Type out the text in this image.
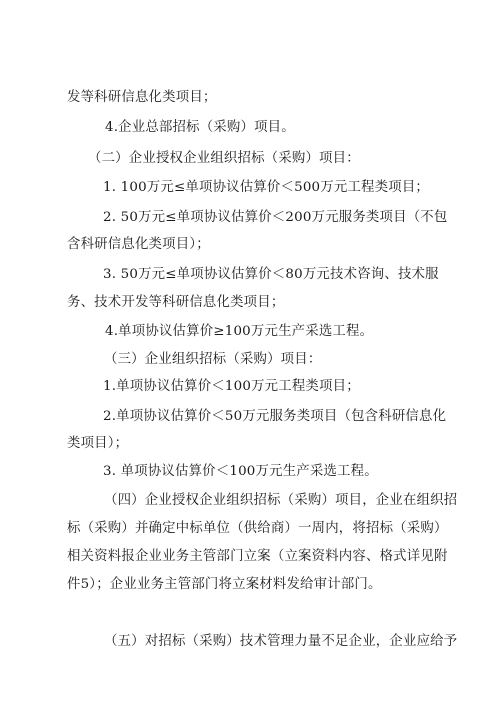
发等科研信息化类项目；
4.企业总部招标（采购）项目。
（二）企业授权企业组织招标（采购）项目：
1. 100万元≤单项协议估算价＜500万元工程类项目；
2. 50万元≤单项协议估算价＜200万元服务类项目（不包
含科研信息化类项目）；
3. 50万元≤单项协议估算价＜80万元技术咨询、技术服
务、技术开发等科研信息化类项目；
4.单项协议估算价≥100万元生产采选工程。
（三）企业组织招标（采购）项目：
1.单项协议估算价＜100万元工程类项目；
2.单项协议估算价＜50万元服务类项目（包含科研信息化
类项目）；
3. 单项协议估算价＜100万元生产采选工程。
（四）企业授权企业组织招标（采购）项目，企业在组织招
标（采购）并确定中标单位（供给商）一周内，将招标（采购）
相关资料报企业业务主管部门立案（立案资料内容、格式详见附
件5）；企业业务主管部门将立案材料发给审计部门。
（五）对招标（采购）技术管理力量不足企业，企业应给予
